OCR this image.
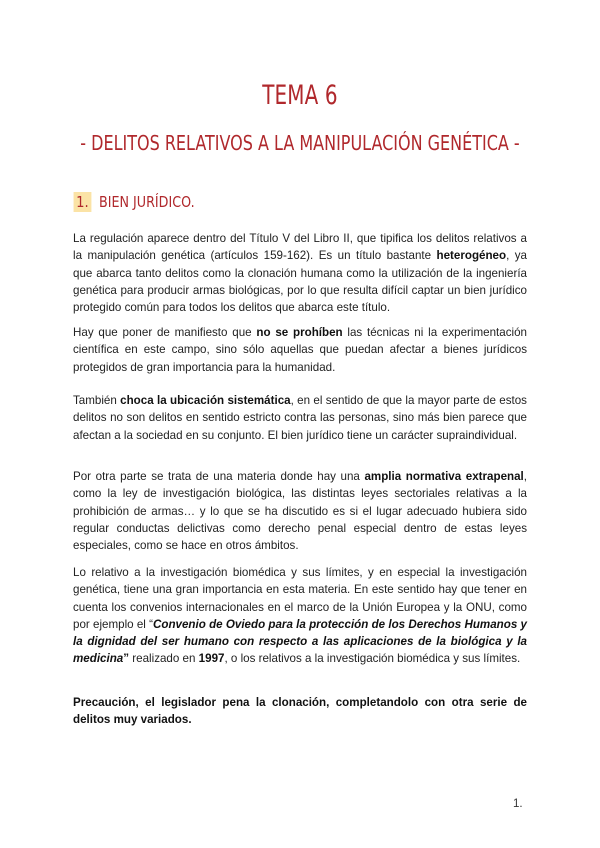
TEMA 6
- DELITOS RELATIVOS A LA MANIPULACIÓN GENÉTICA -
1. BIEN JURÍDICO.

La regulación aparece dentro del Título V del Libro II, que tipifica los delitos relativos a la manipulación genética (artículos 159-162). Es un título bastante heterogéneo, ya que abarca tanto delitos como la clonación humana como la utilización de la ingeniería genética para producir armas biológicas, por lo que resulta difícil captar un bien jurídico protegido común para todos los delitos que abarca este título.

Hay que poner de manifiesto que no se prohíben las técnicas ni la experimentación científica en este campo, sino sólo aquellas que puedan afectar a bienes jurídicos protegidos de gran importancia para la humanidad.

También choca la ubicación sistemática, en el sentido de que la mayor parte de estos delitos no son delitos en sentido estricto contra las personas, sino más bien parece que afectan a la sociedad en su conjunto. El bien jurídico tiene un carácter supraindividual.

Por otra parte se trata de una materia donde hay una amplia normativa extrapenal, como la ley de investigación biológica, las distintas leyes sectoriales relativas a la prohibición de armas… y lo que se ha discutido es si el lugar adecuado hubiera sido regular conductas delictivas como derecho penal especial dentro de estas leyes especiales, como se hace en otros ámbitos.

Lo relativo a la investigación biomédica y sus límites, y en especial la investigación genética, tiene una gran importancia en esta materia. En este sentido hay que tener en cuenta los convenios internacionales en el marco de la Unión Europea y la ONU, como por ejemplo el “Convenio de Oviedo para la protección de los Derechos Humanos y la dignidad del ser humano con respecto a las aplicaciones de la biológica y la medicina” realizado en 1997, o los relativos a la investigación biomédica y sus límites.

Precaución, el legislador pena la clonación, completandolo con otra serie de delitos muy variados.

1.
